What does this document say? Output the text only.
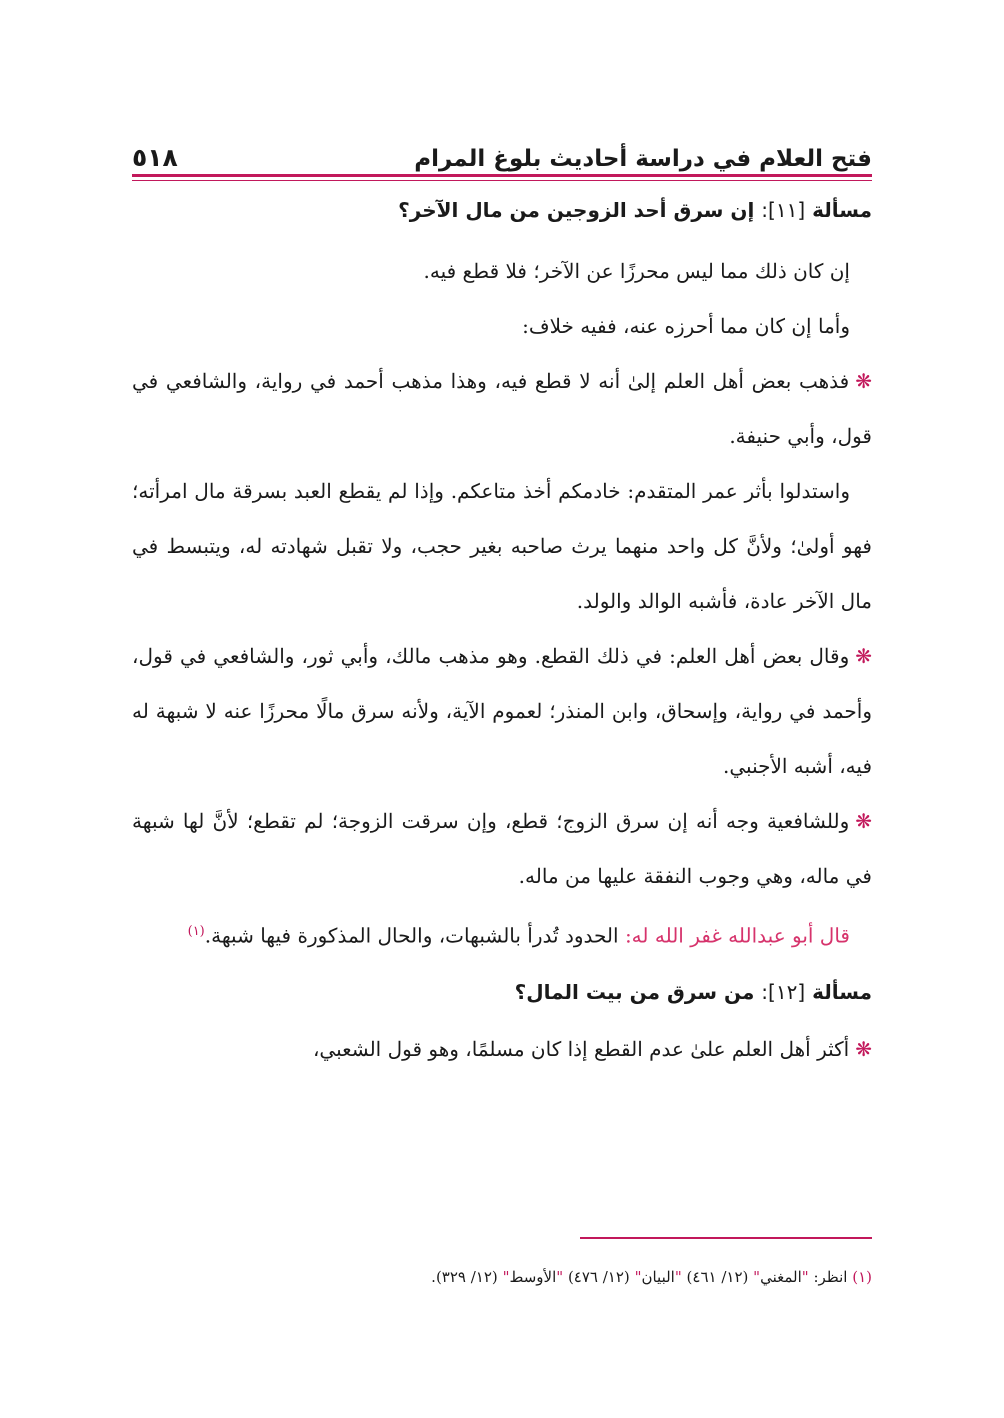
فتح العلام في دراسة أحاديث بلوغ المرام
٥١٨

مسألة [١١]: إن سرق أحد الزوجين من مال الآخر؟

إن كان ذلك مما ليس محرزًا عن الآخر؛ فلا قطع فيه.

وأما إن كان مما أحرزه عنه، ففيه خلاف:

❋فذهب بعض أهل العلم إلىٰ أنه لا قطع فيه، وهذا مذهب أحمد في رواية، والشافعي في قول، وأبي حنيفة.

واستدلوا بأثر عمر المتقدم: خادمكم أخذ متاعكم. وإذا لم يقطع العبد بسرقة مال امرأته؛ فهو أولىٰ؛ ولأنَّ كل واحد منهما يرث صاحبه بغير حجب، ولا تقبل شهادته له، ويتبسط في مال الآخر عادة، فأشبه الوالد والولد.

❋وقال بعض أهل العلم: في ذلك القطع. وهو مذهب مالك، وأبي ثور، والشافعي في قول، وأحمد في رواية، وإسحاق، وابن المنذر؛ لعموم الآية، ولأنه سرق مالًا محرزًا عنه لا شبهة له فيه، أشبه الأجنبي.

❋وللشافعية وجه أنه إن سرق الزوج؛ قطع، وإن سرقت الزوجة؛ لم تقطع؛ لأنَّ لها شبهة في ماله، وهي وجوب النفقة عليها من ماله.

قال أبو عبدالله غفر الله له: الحدود تُدرأ بالشبهات، والحال المذكورة فيها شبهة.$^{(١)}$

مسألة [١٢]: من سرق من بيت المال؟

❋أكثر أهل العلم علىٰ عدم القطع إذا كان مسلمًا، وهو قول الشعبي،

(١) انظر: "المغني" (١٢/ ٤٦١) "البيان" (١٢/ ٤٧٦) "الأوسط" (١٢/ ٣٢٩).
